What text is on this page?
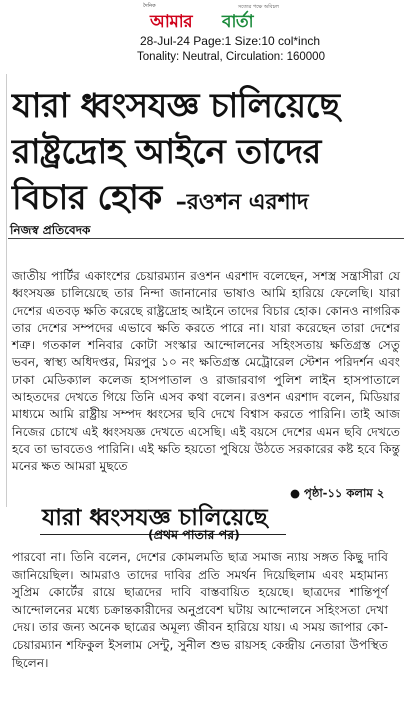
দৈনিক	সত্যের পক্ষে অবিচল
আমার বার্তা
28-Jul-24 Page:1 Size:10 col*inch
Tonality: Neutral, Circulation: 160000
যারা ধ্বংসযজ্ঞ চালিয়েছে
রাষ্ট্রদ্রোহ আইনে তাদের
বিচার হোক –রওশন এরশাদ
নিজস্ব প্রতিবেদক
জাতীয় পার্টির একাংশের চেয়ারম্যান রওশন এরশাদ বলেছেন, সশস্ত্র সন্ত্রাসীরা যে ধ্বংসযজ্ঞ চালিয়েছে তার নিন্দা জানানোর ভাষাও আমি হারিয়ে ফেলেছি। যারা দেশের এতবড় ক্ষতি করেছে রাষ্ট্রদ্রোহ আইনে তাদের বিচার হোক। কোনও নাগরিক তার দেশের সম্পদের এভাবে ক্ষতি করতে পারে না। যারা করেছেন তারা দেশের শত্রু। গতকাল শনিবার কোটা সংস্কার আন্দোলনের সহিংসতায় ক্ষতিগ্রস্ত সেতু ভবন, স্বাস্থ্য অধিদপ্তর, মিরপুর ১০ নং ক্ষতিগ্রস্ত মেট্রোরেল স্টেশন পরিদর্শন এবং ঢাকা মেডিক্যাল কলেজ হাসপাতাল ও রাজারবাগ পুলিশ লাইন হাসপাতালে আহতদের দেখতে গিয়ে তিনি এসব কথা বলেন। রওশন এরশাদ বলেন, মিডিয়ার মাধ্যমে আমি রাষ্ট্রীয় সম্পদ ধ্বংসের ছবি দেখে বিশ্বাস করতে পারিনি। তাই আজ নিজের চোখে এই ধ্বংসযজ্ঞ দেখতে এসেছি। এই বয়সে দেশের এমন ছবি দেখতে হবে তা ভাবতেও পারিনি। এই ক্ষতি হয়তো পুষিয়ে উঠতে সরকারের কষ্ট হবে কিন্তু মনের ক্ষত আমরা মুছতে
● পৃষ্ঠা-১১ কলাম ২
যারা ধ্বংসযজ্ঞ চালিয়েছে
(প্রথম পাতার পর)
পারবো না। তিনি বলেন, দেশের কোমলমতি ছাত্র সমাজ ন্যায় সঙ্গত কিছু দাবি জানিয়েছিল। আমরাও তাদের দাবির প্রতি সমর্থন দিয়েছিলাম এবং মহামান্য সুপ্রিম কোর্টের রায়ে ছাত্রদের দাবি বাস্তবায়িত হয়েছে। ছাত্রদের শান্তিপূর্ণ আন্দোলনের মধ্যে চক্রান্তকারীদের অনুপ্রবেশ ঘটায় আন্দোলনে সহিংসতা দেখা দেয়। তার জন্য অনেক ছাত্রের অমূল্য জীবন হারিয়ে যায়। এ সময় জাপার কো-চেয়ারম্যান শফিকুল ইসলাম সেন্টু, সুনীল শুভ রায়সহ কেন্দ্রীয় নেতারা উপস্থিত ছিলেন।
